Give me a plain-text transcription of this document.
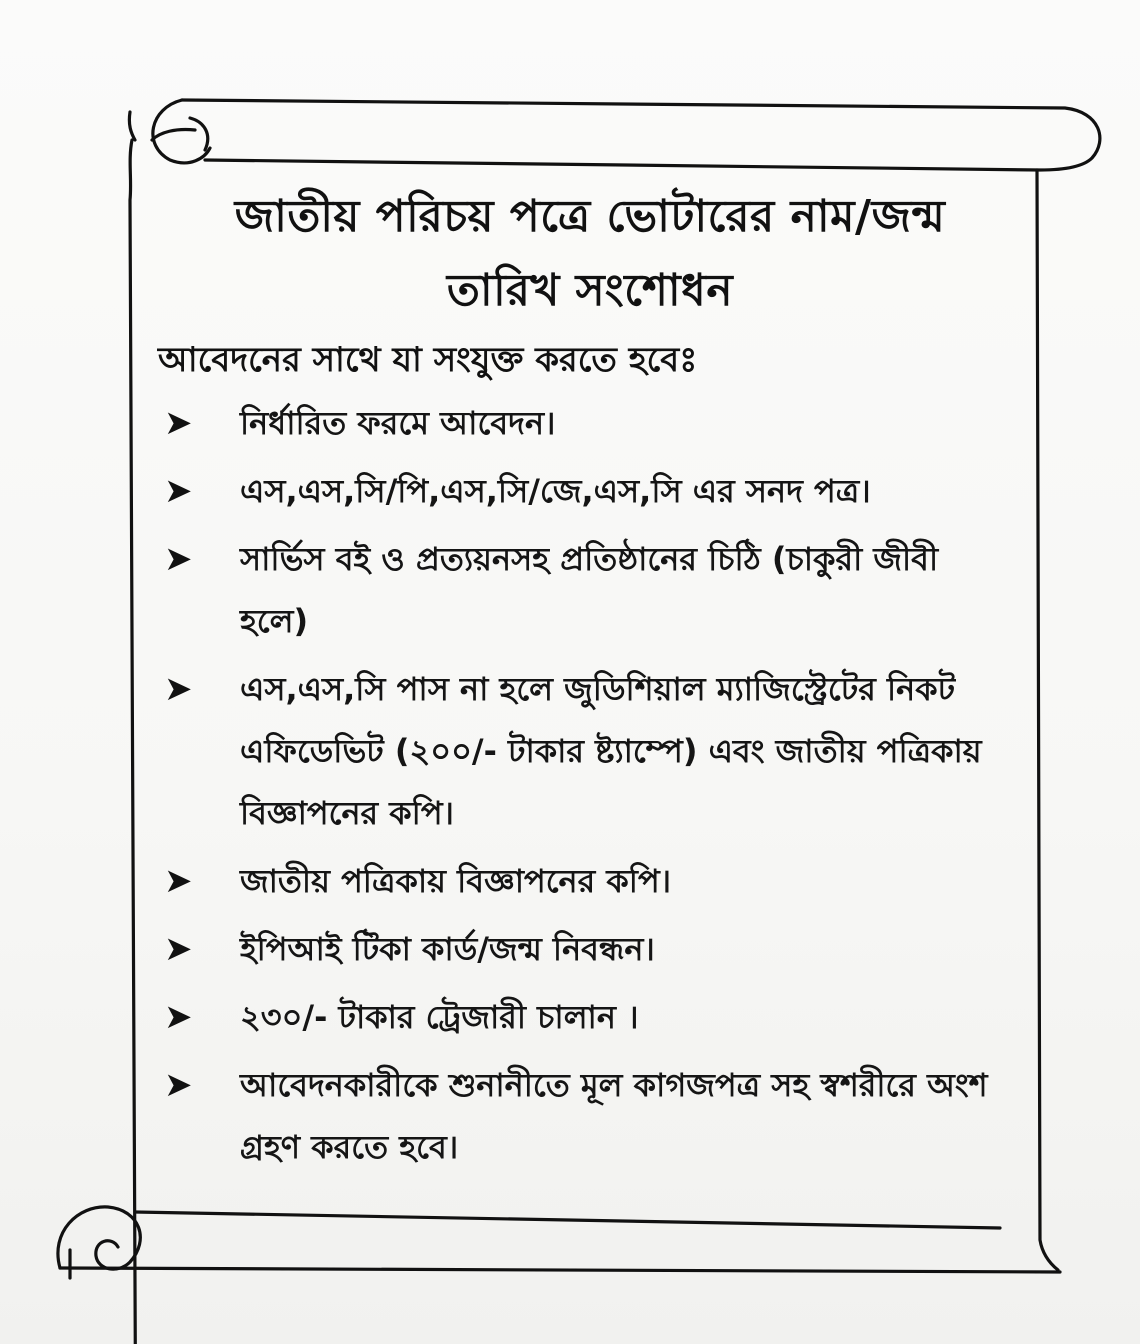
জাতীয় পরিচয় পত্রে ভোটারের নাম/জন্ম
তারিখ সংশোধন
আবেদনের সাথে যা সংযুক্ত করতে হবেঃ
➤	নির্ধারিত ফরমে আবেদন।
➤	এস,এস,সি/পি,এস,সি/জে,এস,সি এর সনদ পত্র।
➤	সার্ভিস বই ও প্রত্যয়নসহ প্রতিষ্ঠানের চিঠি (চাকুরী জীবী হলে)
➤	এস,এস,সি পাস না হলে জুডিশিয়াল ম্যাজিস্ট্রেটের নিকট এফিডেভিট (২০০/- টাকার ষ্ট্যাম্পে) এবং জাতীয় পত্রিকায় বিজ্ঞাপনের কপি।
➤	জাতীয় পত্রিকায় বিজ্ঞাপনের কপি।
➤	ইপিআই টিকা কার্ড/জন্ম নিবন্ধন।
➤	২৩০/- টাকার ট্রেজারী চালান ।
➤	আবেদনকারীকে শুনানীতে মূল কাগজপত্র সহ স্বশরীরে অংশ গ্রহণ করতে হবে।
